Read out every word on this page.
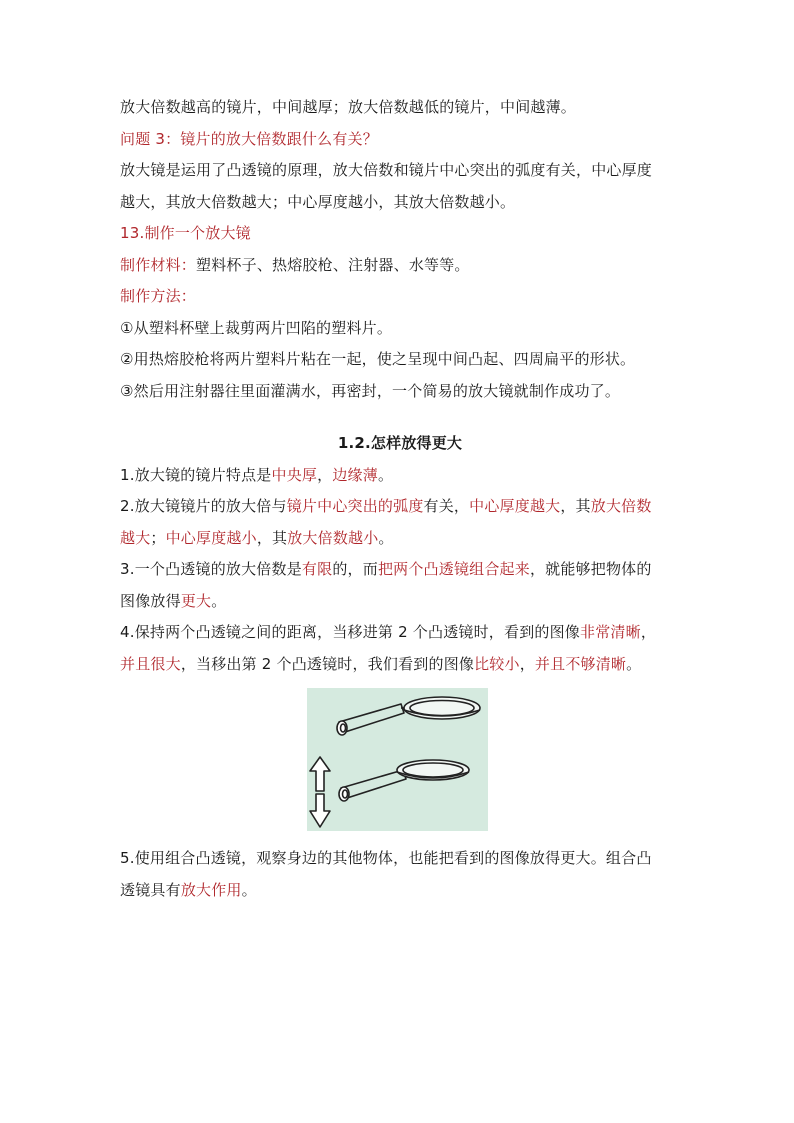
放大倍数越高的镜片，中间越厚；放大倍数越低的镜片，中间越薄。
问题 3：镜片的放大倍数跟什么有关？
放大镜是运用了凸透镜的原理，放大倍数和镜片中心突出的弧度有关，中心厚度
越大，其放大倍数越大；中心厚度越小，其放大倍数越小。
13.制作一个放大镜
制作材料：塑料杯子、热熔胶枪、注射器、水等等。
制作方法：
①从塑料杯壁上裁剪两片凹陷的塑料片。
②用热熔胶枪将两片塑料片粘在一起，使之呈现中间凸起、四周扁平的形状。
③然后用注射器往里面灌满水，再密封，一个简易的放大镜就制作成功了。
1.2.怎样放得更大
1.放大镜的镜片特点是中央厚，边缘薄。
2.放大镜镜片的放大倍与镜片中心突出的弧度有关，中心厚度越大，其放大倍数
越大；中心厚度越小，其放大倍数越小。
3.一个凸透镜的放大倍数是有限的，而把两个凸透镜组合起来，就能够把物体的
图像放得更大。
4.保持两个凸透镜之间的距离，当移进第 2 个凸透镜时，看到的图像非常清晰，
并且很大，当移出第 2 个凸透镜时，我们看到的图像比较小，并且不够清晰。
5.使用组合凸透镜，观察身边的其他物体，也能把看到的图像放得更大。组合凸
透镜具有放大作用。
